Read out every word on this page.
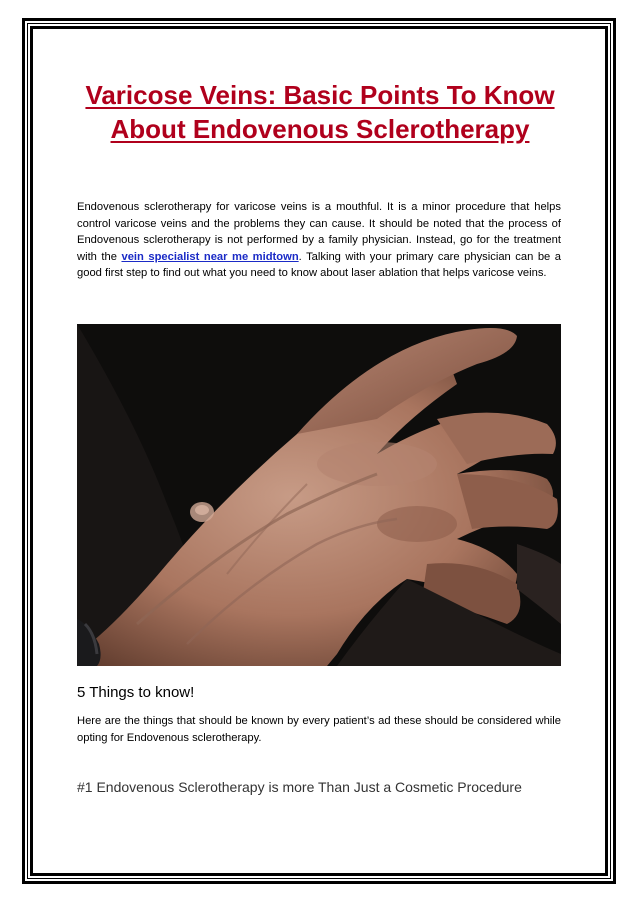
Varicose Veins: Basic Points To Know About Endovenous Sclerotherapy

Endovenous sclerotherapy for varicose veins is a mouthful. It is a minor procedure that helps control varicose veins and the problems they can cause. It should be noted that the process of Endovenous sclerotherapy is not performed by a family physician. Instead, go for the treatment with the vein specialist near me midtown. Talking with your primary care physician can be a good first step to find out what you need to know about laser ablation that helps varicose veins.

5 Things to know!

Here are the things that should be known by every patient’s ad these should be considered while opting for Endovenous sclerotherapy.

#1 Endovenous Sclerotherapy is more Than Just a Cosmetic Procedure
